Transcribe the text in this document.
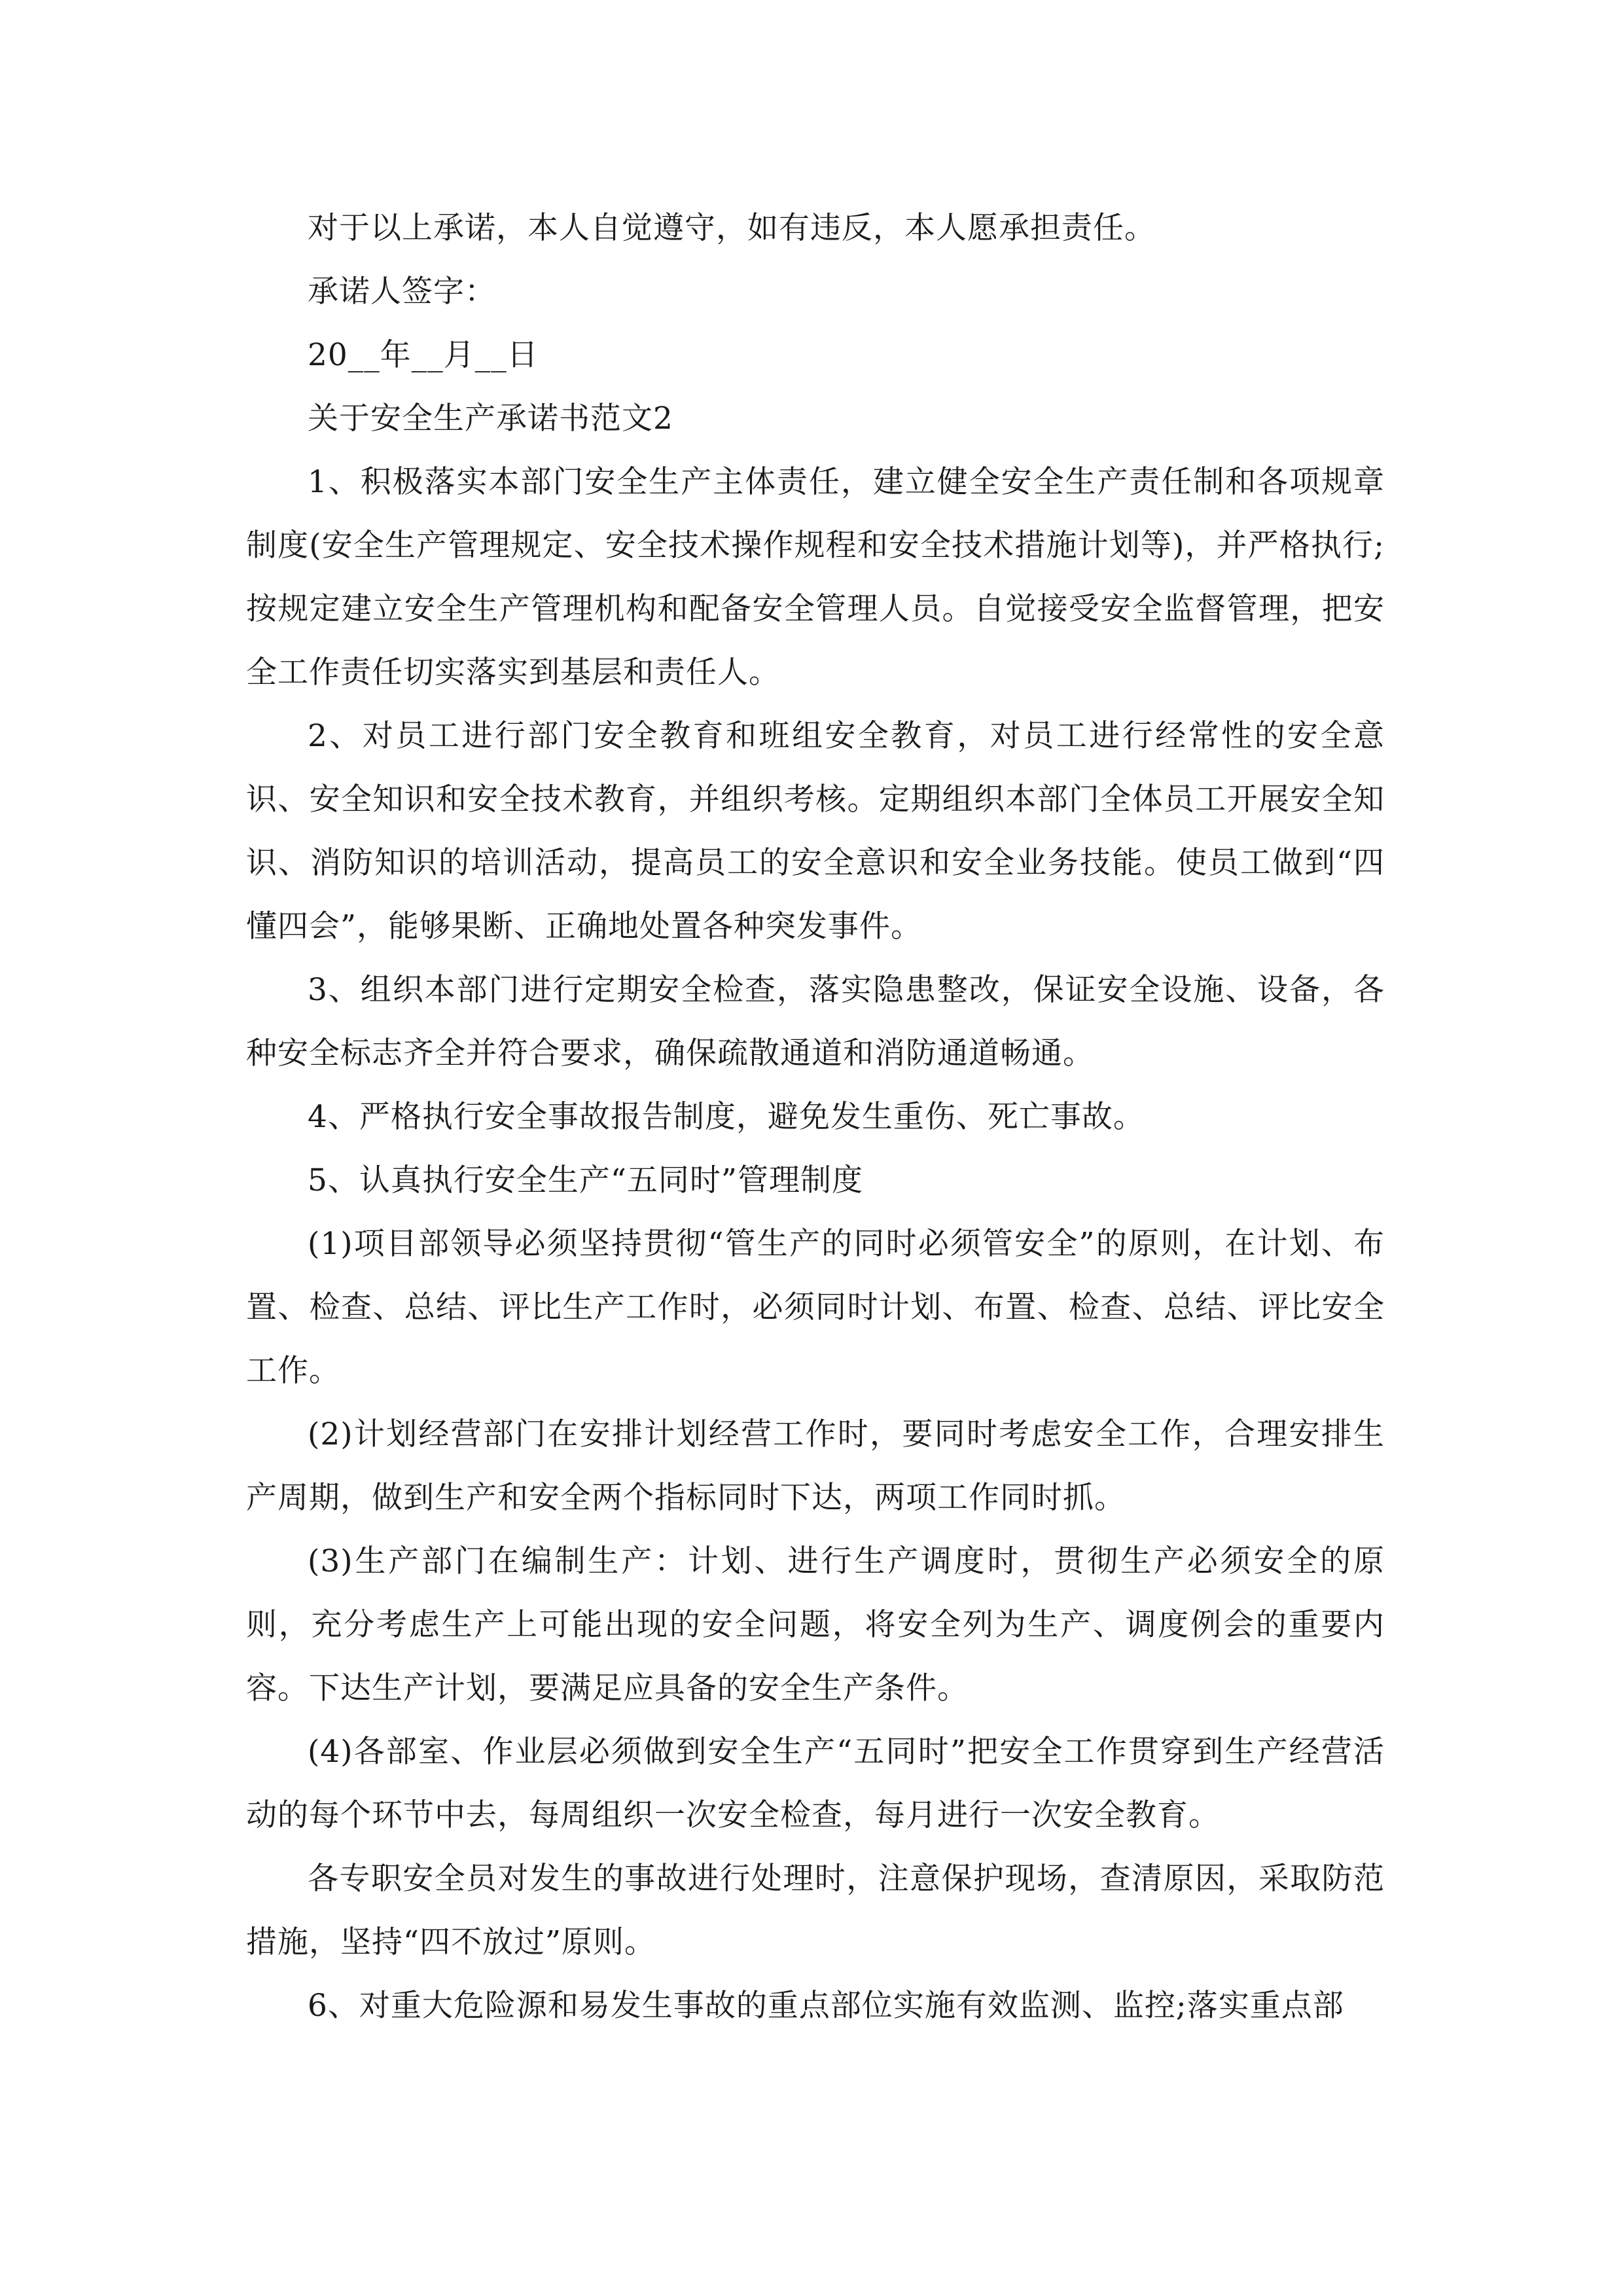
对于以上承诺，本人自觉遵守，如有违反，本人愿承担责任。

承诺人签字：

20__年__月__日

关于安全生产承诺书范文2

1、积极落实本部门安全生产主体责任，建立健全安全生产责任制和各项规章制度(安全生产管理规定、安全技术操作规程和安全技术措施计划等)，并严格执行;按规定建立安全生产管理机构和配备安全管理人员。自觉接受安全监督管理，把安全工作责任切实落实到基层和责任人。

2、对员工进行部门安全教育和班组安全教育，对员工进行经常性的安全意识、安全知识和安全技术教育，并组织考核。定期组织本部门全体员工开展安全知识、消防知识的培训活动，提高员工的安全意识和安全业务技能。使员工做到“四懂四会”，能够果断、正确地处置各种突发事件。

3、组织本部门进行定期安全检查，落实隐患整改，保证安全设施、设备，各种安全标志齐全并符合要求，确保疏散通道和消防通道畅通。

4、严格执行安全事故报告制度，避免发生重伤、死亡事故。

5、认真执行安全生产“五同时”管理制度

(1)项目部领导必须坚持贯彻“管生产的同时必须管安全”的原则，在计划、布置、检查、总结、评比生产工作时，必须同时计划、布置、检查、总结、评比安全工作。

(2)计划经营部门在安排计划经营工作时，要同时考虑安全工作，合理安排生产周期，做到生产和安全两个指标同时下达，两项工作同时抓。

(3)生产部门在编制生产：计划、进行生产调度时，贯彻生产必须安全的原则，充分考虑生产上可能出现的安全问题，将安全列为生产、调度例会的重要内容。下达生产计划，要满足应具备的安全生产条件。

(4)各部室、作业层必须做到安全生产“五同时”把安全工作贯穿到生产经营活动的每个环节中去，每周组织一次安全检查，每月进行一次安全教育。

各专职安全员对发生的事故进行处理时，注意保护现场，查清原因，采取防范措施，坚持“四不放过”原则。

6、对重大危险源和易发生事故的重点部位实施有效监测、监控;落实重点部
